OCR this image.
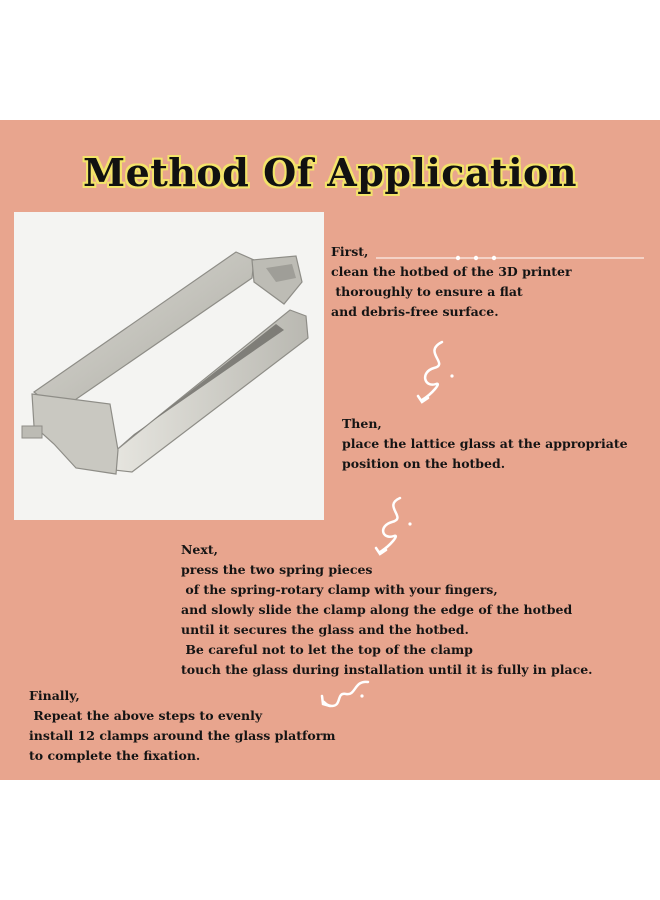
Method Of Application
First,
clean the hotbed of the 3D printer
thoroughly to ensure a flat
and debris-free surface.
Then,
place the lattice glass at the appropriate
position on the hotbed.
Next,
press the two spring pieces
of the spring-rotary clamp with your fingers,
and slowly slide the clamp along the edge of the hotbed
until it secures the glass and the hotbed.
Be careful not to let the top of the clamp
touch the glass during installation until it is fully in place.
Finally,
Repeat the above steps to evenly
install 12 clamps around the glass platform
to complete the fixation.
